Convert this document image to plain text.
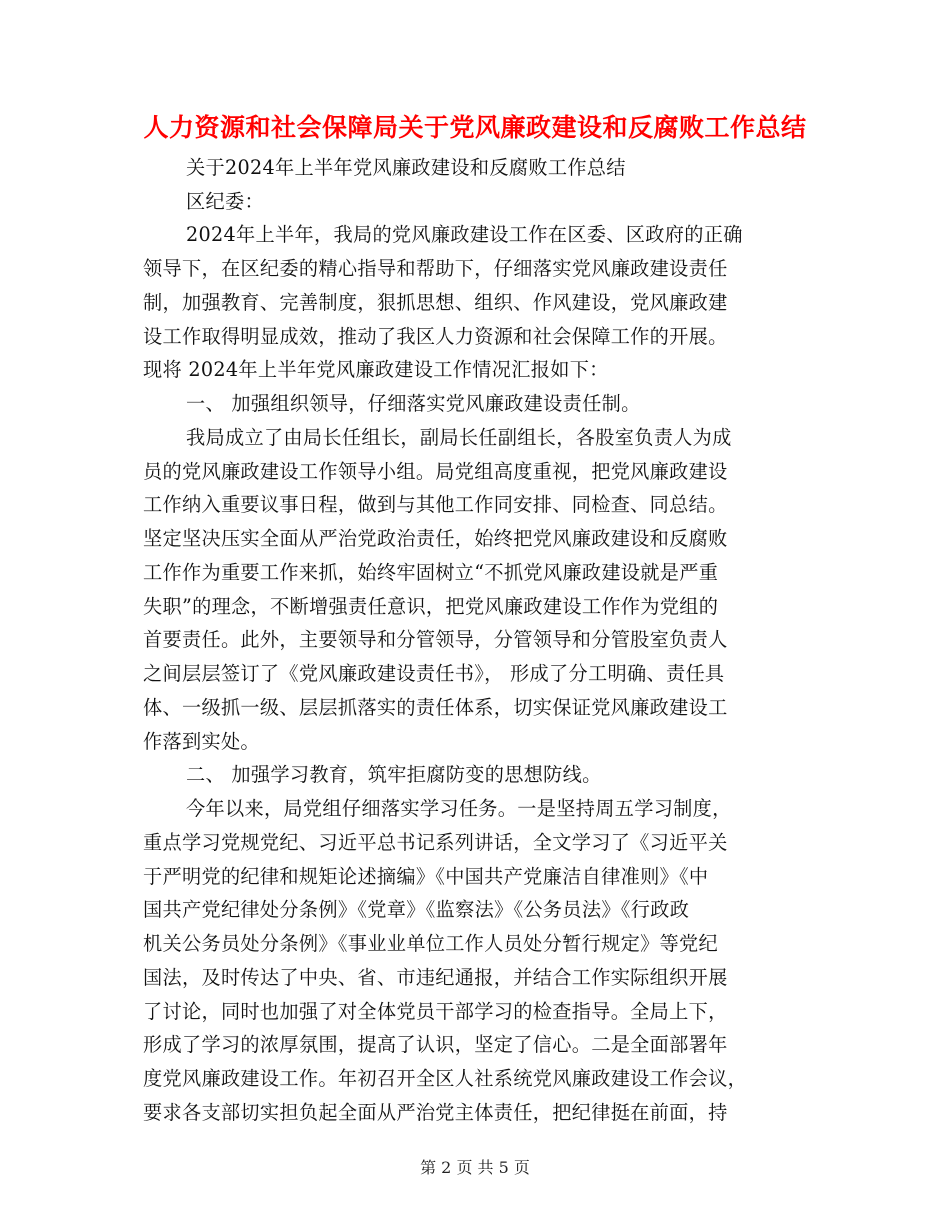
人力资源和社会保障局关于党风廉政建设和反腐败工作总结
关于2024年上半年党风廉政建设和反腐败工作总结
区纪委：
2024年上半年，我局的党风廉政建设工作在区委、区政府的正确
领导下，在区纪委的精心指导和帮助下，仔细落实党风廉政建设责任
制，加强教育、完善制度，狠抓思想、组织、作风建设，党风廉政建
设工作取得明显成效，推动了我区人力资源和社会保障工作的开展。
现将 2024年上半年党风廉政建设工作情况汇报如下：
一、 加强组织领导，仔细落实党风廉政建设责任制。
我局成立了由局长任组长，副局长任副组长，各股室负责人为成
员的党风廉政建设工作领导小组。局党组高度重视，把党风廉政建设
工作纳入重要议事日程，做到与其他工作同安排、同检查、同总结。
坚定坚决压实全面从严治党政治责任，始终把党风廉政建设和反腐败
工作作为重要工作来抓，始终牢固树立“不抓党风廉政建设就是严重
失职”的理念，不断增强责任意识，把党风廉政建设工作作为党组的
首要责任。此外，主要领导和分管领导，分管领导和分管股室负责人
之间层层签订了《党风廉政建设责任书》， 形成了分工明确、责任具
体、一级抓一级、层层抓落实的责任体系，切实保证党风廉政建设工
作落到实处。
二、 加强学习教育，筑牢拒腐防变的思想防线。
今年以来，局党组仔细落实学习任务。一是坚持周五学习制度，
重点学习党规党纪、习近平总书记系列讲话，全文学习了《习近平关
于严明党的纪律和规矩论述摘编》《中国共产党廉洁自律准则》《中
国共产党纪律处分条例》《党章》《监察法》《公务员法》《行政政
机关公务员处分条例》《事业业单位工作人员处分暂行规定》等党纪
国法，及时传达了中央、省、市违纪通报，并结合工作实际组织开展
了讨论，同时也加强了对全体党员干部学习的检查指导。全局上下，
形成了学习的浓厚氛围，提高了认识，坚定了信心。二是全面部署年
度党风廉政建设工作。年初召开全区人社系统党风廉政建设工作会议，
要求各支部切实担负起全面从严治党主体责任，把纪律挺在前面，持
第 2 页 共 5 页
